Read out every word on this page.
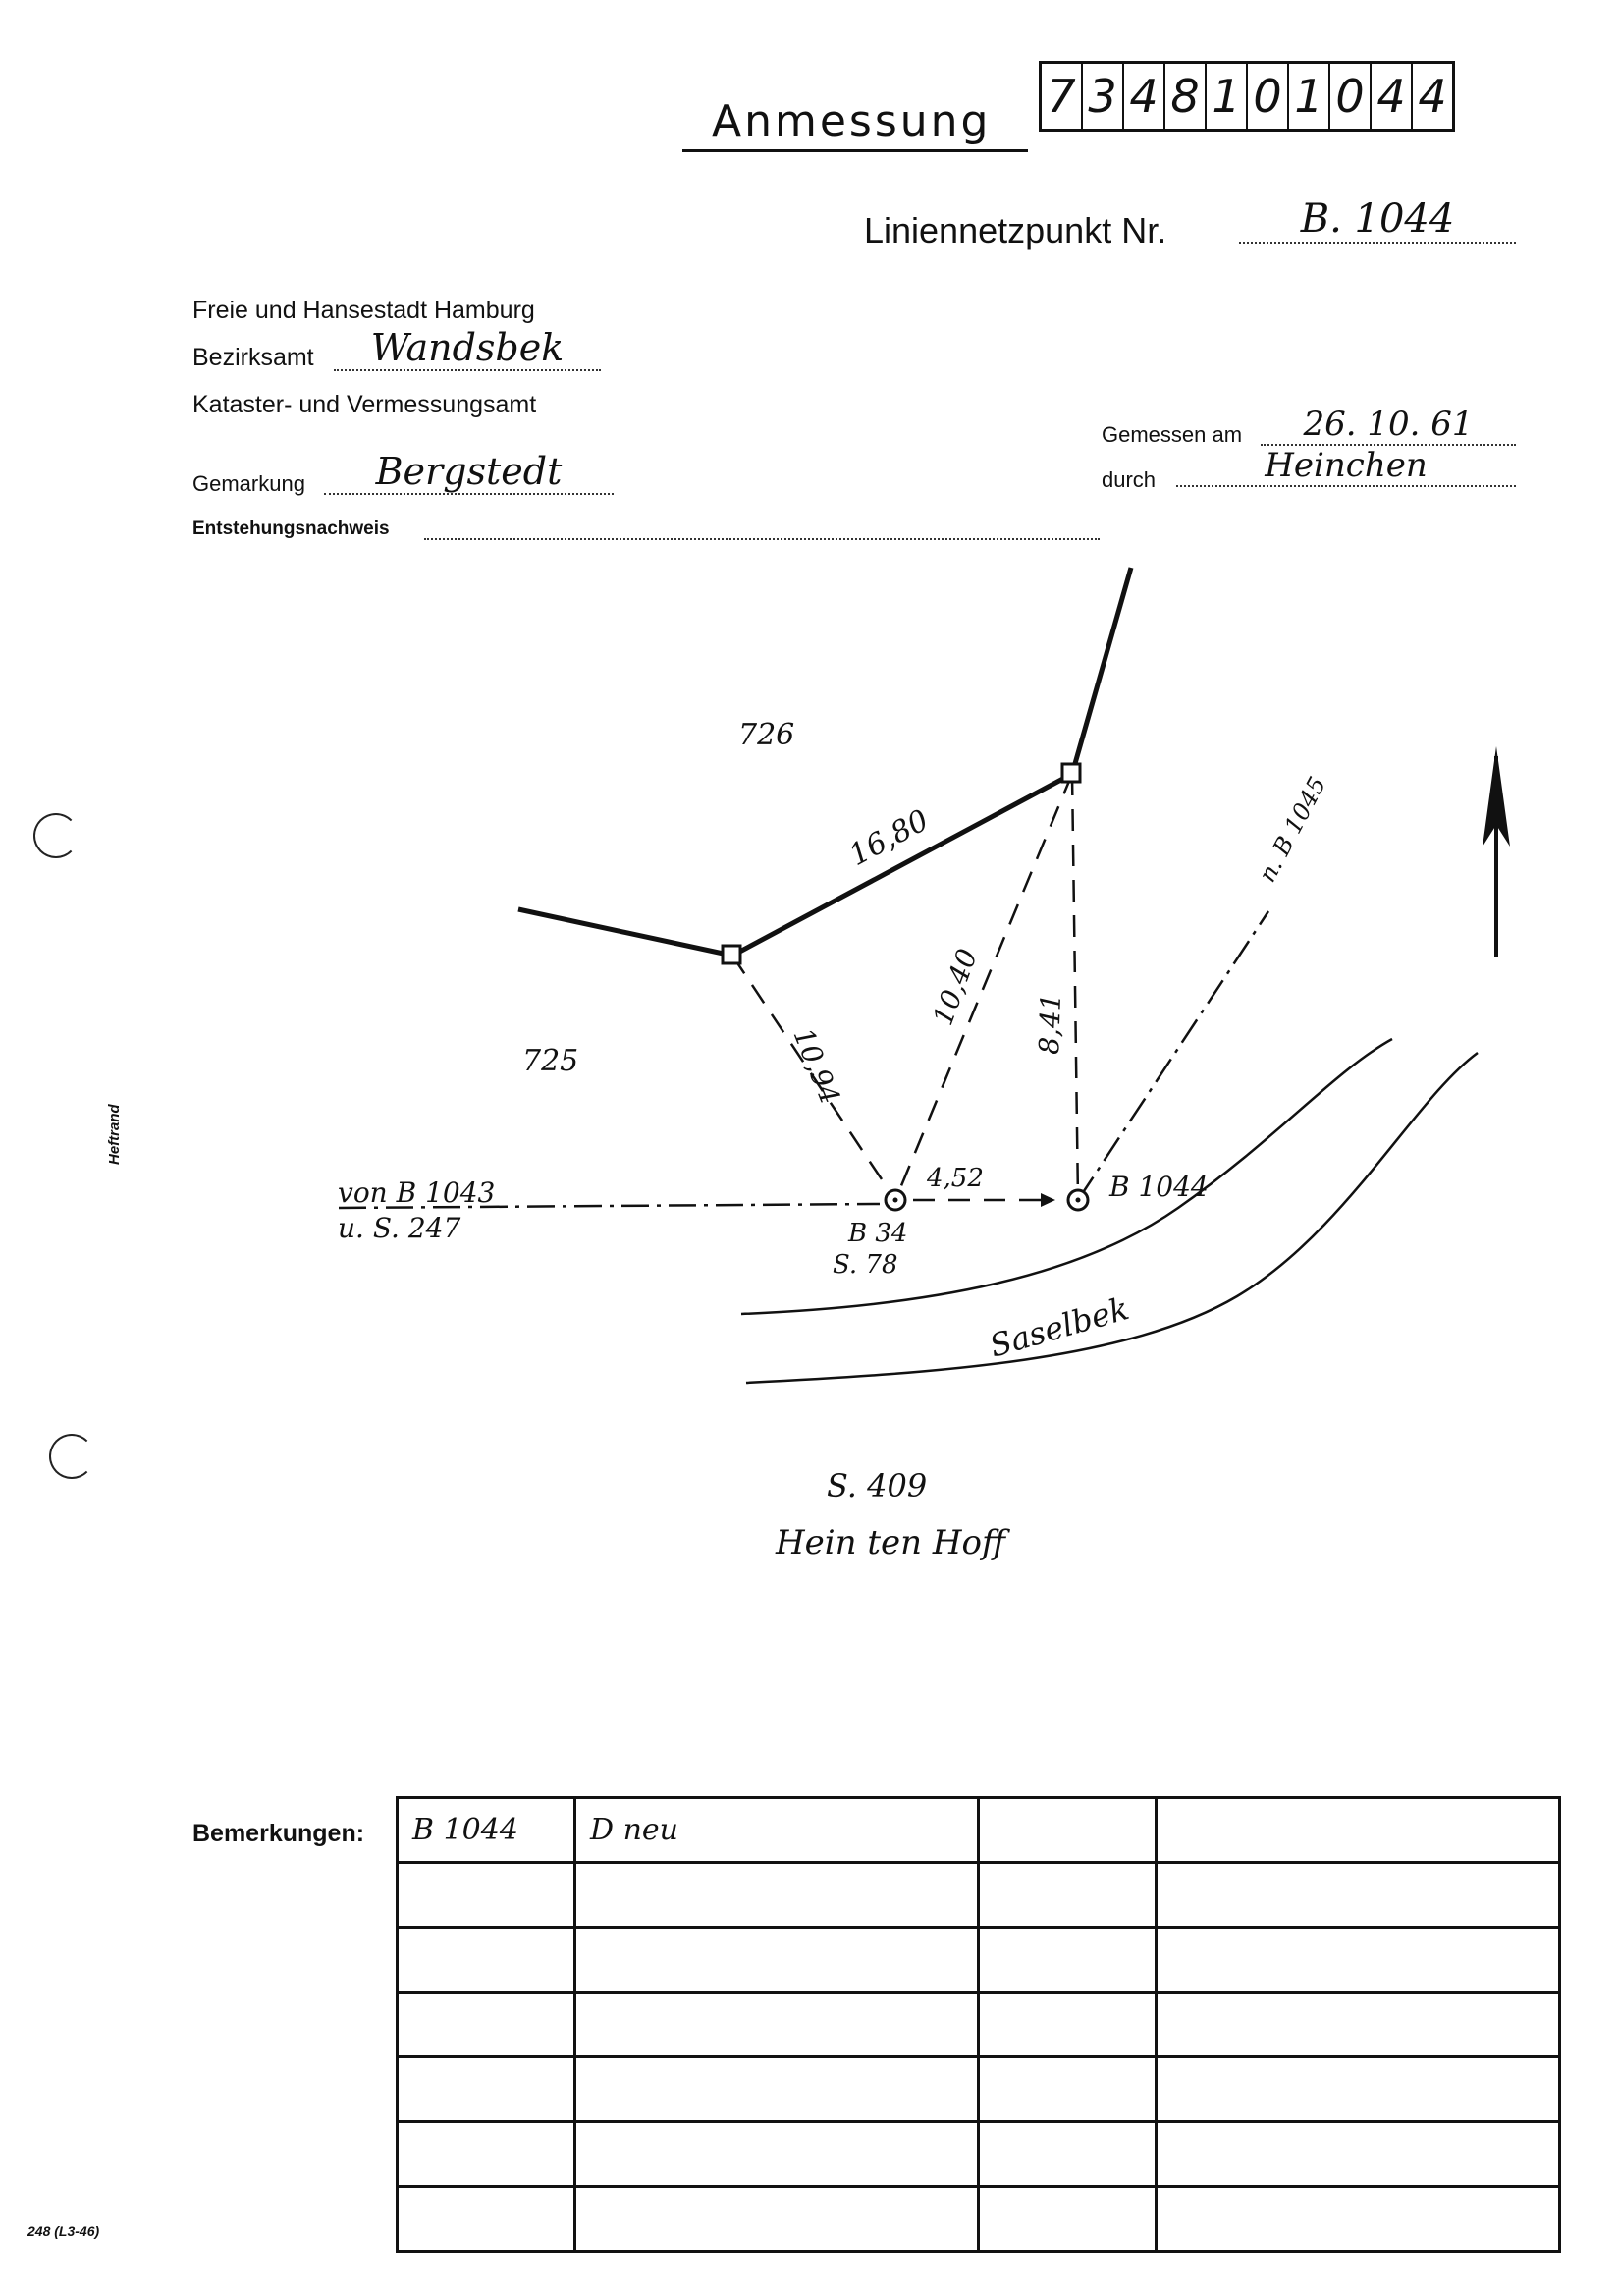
Anmessung 7 3 4 8 1 0 1 0 4 4
Liniennetzpunkt Nr.	B. 1044
Freie und Hansestadt Hamburg
Bezirksamt	Wandsbek
Kataster- und Vermessungsamt
Gemarkung	Bergstedt
Entstehungsnachweis
Gemessen am	26. 10. 61
durch	Heinchen
726
725
16,80
10,94
10,40 8,41
4,52
von B 1043
u. S. 247	B 34
S. 78
B 1044
n. B 1045
Saselbek
S. 409
Hein ten Hoff
Heftrand
248 (L3-46)
Bemerkungen: B 1044	D neu		
